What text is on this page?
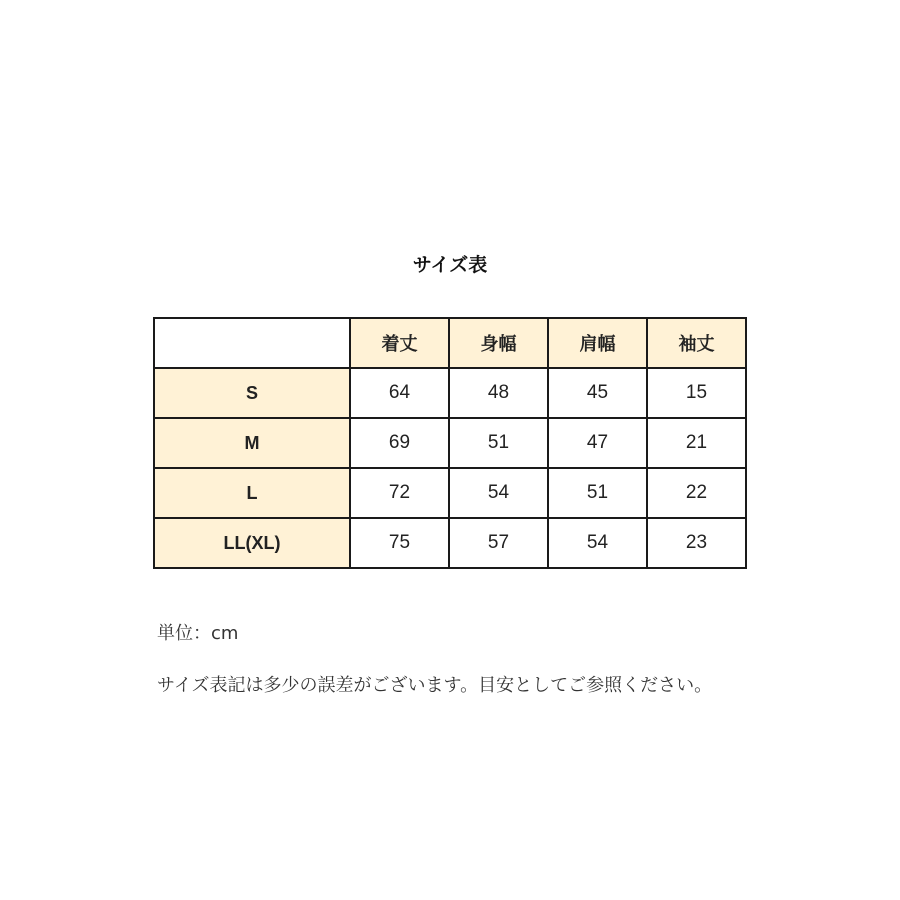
サイズ表
	着丈	身幅	肩幅	袖丈
S	64	48	45	15
M	69	51	47	21
L	72	54	51	22
LL(XL)	75	57	54	23
単位：cm
サイズ表記は多少の誤差がございます。目安としてご参照ください。
